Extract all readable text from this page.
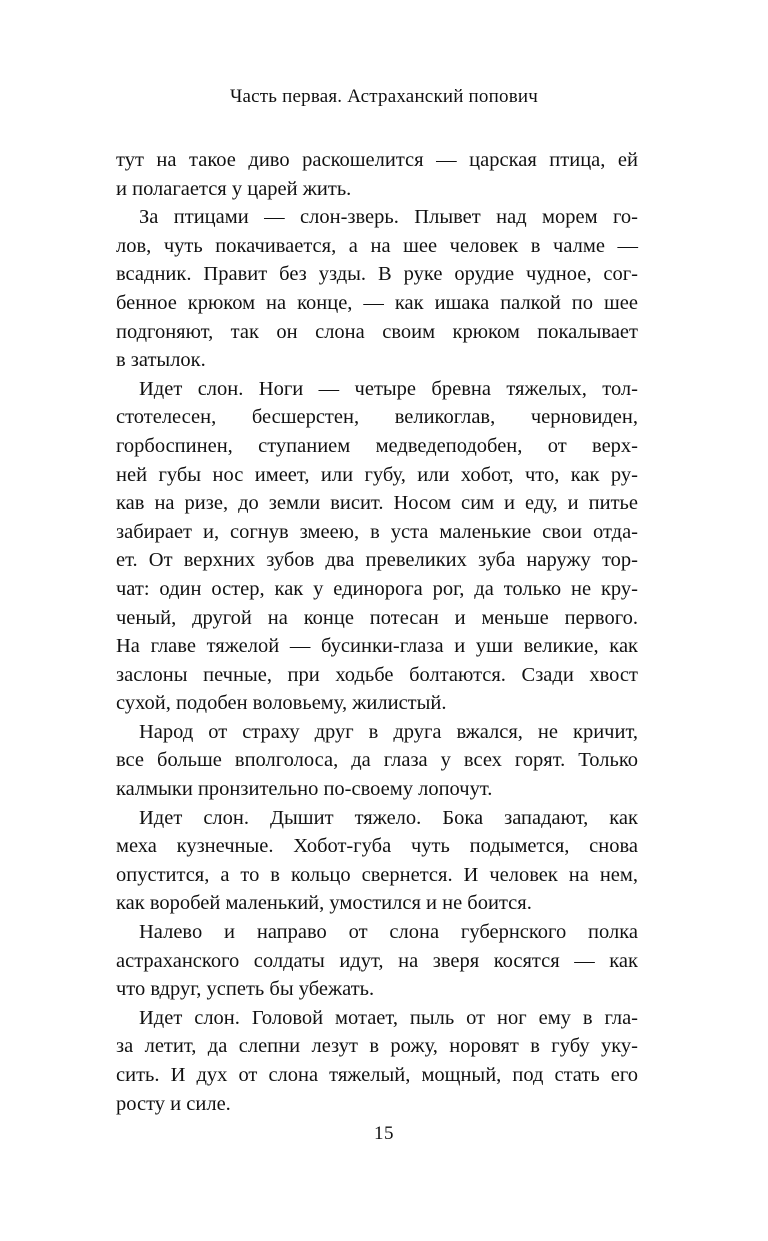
Часть первая. Астраханский попович
тут на такое диво раскошелится — царская птица, ей
и полагается у царей жить.
За птицами — слон-зверь. Плывет над морем го-
лов, чуть покачивается, а на шее человек в чалме —
всадник. Правит без узды. В руке орудие чудное, сог-
бенное крюком на конце, — как ишака палкой по шее
подгоняют, так он слона своим крюком покалывает
в затылок.
Идет слон. Ноги — четыре бревна тяжелых, тол-
стотелесен, бесшерстен, великоглав, черновиден,
горбоспинен, ступанием медведеподобен, от верх-
ней губы нос имеет, или губу, или хобот, что, как ру-
кав на ризе, до земли висит. Носом сим и еду, и питье
забирает и, согнув змеею, в уста маленькие свои отда-
ет. От верхних зубов два превеликих зуба наружу тор-
чат: один остер, как у единорога рог, да только не кру-
ченый, другой на конце потесан и меньше первого.
На главе тяжелой — бусинки-глаза и уши великие, как
заслоны печные, при ходьбе болтаются. Сзади хвост
сухой, подобен воловьему, жилистый.
Народ от страху друг в друга вжался, не кричит,
все больше вполголоса, да глаза у всех горят. Только
калмыки пронзительно по-своему лопочут.
Идет слон. Дышит тяжело. Бока западают, как
меха кузнечные. Хобот-губа чуть подымется, снова
опустится, а то в кольцо свернется. И человек на нем,
как воробей маленький, умостился и не боится.
Налево и направо от слона губернского полка
астраханского солдаты идут, на зверя косятся — как
что вдруг, успеть бы убежать.
Идет слон. Головой мотает, пыль от ног ему в гла-
за летит, да слепни лезут в рожу, норовят в губу уку-
сить. И дух от слона тяжелый, мощный, под стать его
росту и силе.
15
